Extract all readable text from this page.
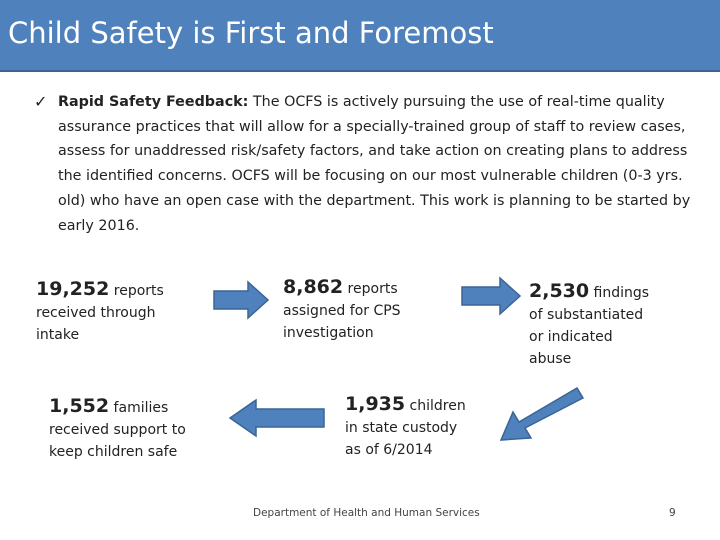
Child Safety is First and Foremost
✓ Rapid Safety Feedback: The OCFS is actively pursuing the use of real-time quality assurance practices that will allow for a specially-trained group of staff to review cases, assess for unaddressed risk/safety factors, and take action on creating plans to address the identified concerns. OCFS will be focusing on our most vulnerable children (0-3 yrs. old) who have an open case with the department. This work is planning to be started by early 2016.
19,252 reports
received through
intake
8,862 reports
assigned for CPS
investigation
2,530 findings
of substantiated
or indicated
abuse
1,935 children
in state custody
as of 6/2014
1,552 families
received support to
keep children safe
Department of Health and Human Services	9
